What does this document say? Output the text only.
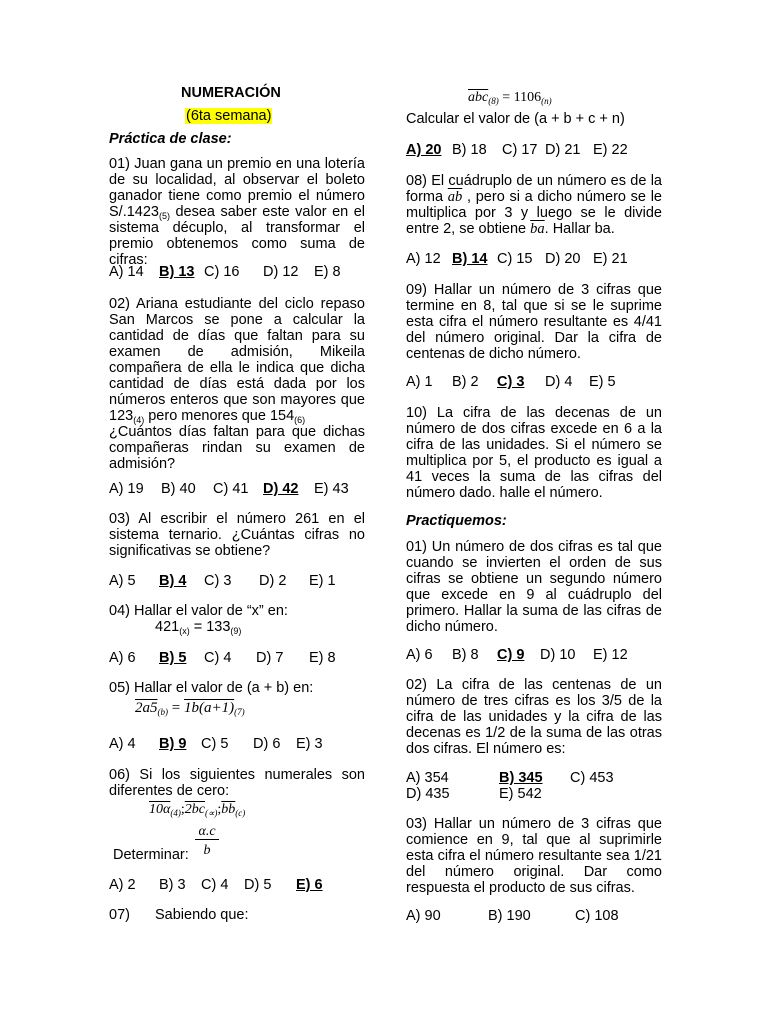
NUMERACIÓN
(6ta semana)
Práctica de clase:
01) Juan gana un premio en una lotería de su localidad, al observar el boleto ganador tiene como premio el número $S/.1423_{(5)}$ desea saber este valor en el sistema décuplo, al transformar el premio obtenemos como suma de cifras:
A) 14 B) 13 C) 16 D) 12 E) 8
02) Ariana estudiante del ciclo repaso San Marcos se pone a calcular la cantidad de días que faltan para su examen de admisión, Mikeila compañera de ella le indica que dicha cantidad de días está dada por los números enteros que son mayores que $123_{(4)}$ pero menores que $154_{(6)}$
¿Cuántos días faltan para que dichas compañeras rindan su examen de admisión?
A) 19 B) 40 C) 41 D) 42 E) 43
03) Al escribir el número 261 en el sistema ternario. ¿Cuántas cifras no significativas se obtiene?
A) 5 B) 4 C) 3 D) 2 E) 1
04) Hallar el valor de “x” en:
$421_{(x)} = 133_{(9)}$
A) 6 B) 5 C) 4 D) 7 E) 8
05) Hallar el valor de (a + b) en:
$2a5_{(b)} = 1b(a+1)_{(7)}$
A) 4 B) 9 C) 5 D) 6 E) 3
06) Si los siguientes numerales son diferentes de cero:
$10\alpha_{(4)};2bc_{(\propto)};\overline{bb}_{(c)}$
α.c
b
Determinar:
A) 2 B) 3 C) 4 D) 5 E) 6
07) Sabiendo que:
$\overline{abc}_{(8)} = 1106_{(n)}$
Calcular el valor de (a + b + c + n)
A) 20 B) 18 C) 17 D) 21 E) 22
08) El cuádruplo de un número es de la forma $\overline{ab}$ , pero si a dicho número se le multiplica por 3 y luego se le divide entre 2, se obtiene $\overline{ba}$. Hallar ba.
A) 12 B) 14 C) 15 D) 20 E) 21
09) Hallar un número de 3 cifras que termine en 8, tal que si se le suprime esta cifra el número resultante es 4/41 del número original. Dar la cifra de centenas de dicho número.
A) 1 B) 2 C) 3 D) 4 E) 5
10) La cifra de las decenas de un número de dos cifras excede en 6 a la cifra de las unidades. Si el número se multiplica por 5, el producto es igual a 41 veces la suma de las cifras del número dado. halle el número.
Practiquemos:
01) Un número de dos cifras es tal que cuando se invierten el orden de sus cifras se obtiene un segundo número que excede en 9 al cuádruplo del primero. Hallar la suma de las cifras de dicho número.
A) 6 B) 8 C) 9 D) 10 E) 12
02) La cifra de las centenas de un número de tres cifras es los 3/5 de la cifra de las unidades y la cifra de las decenas es 1/2 de la suma de las otras dos cifras. El número es:
A) 354	B) 345 C) 453
D) 435	E) 542
03) Hallar un número de 3 cifras que comience en 9, tal que al suprimirle esta cifra el número resultante sea 1/21 del número original. Dar como respuesta el producto de sus cifras.
A) 90	B) 190	C) 108
